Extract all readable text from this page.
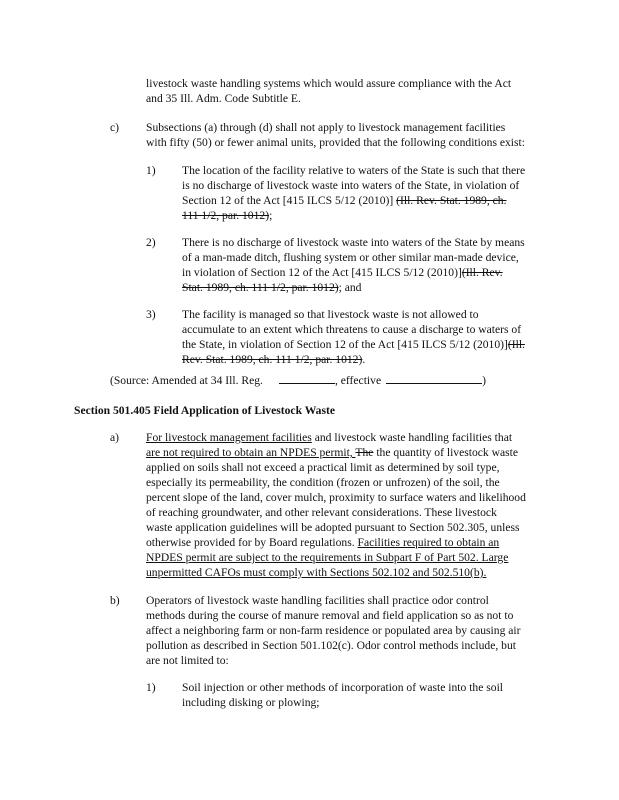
livestock waste handling systems which would assure compliance with the Act
and 35 Ill. Adm. Code Subtitle E.
c) Subsections (a) through (d) shall not apply to livestock management facilities
with fifty (50) or fewer animal units, provided that the following conditions exist:
1) The location of the facility relative to waters of the State is such that there
is no discharge of livestock waste into waters of the State, in violation of
Section 12 of the Act [415 ILCS 5/12 (2010)] (Ill. Rev. Stat. 1989, ch.
111 1/2, par. 1012);
2) There is no discharge of livestock waste into waters of the State by means
of a man-made ditch, flushing system or other similar man-made device,
in violation of Section 12 of the Act [415 ILCS 5/12 (2010)](Ill. Rev.
Stat. 1989, ch. 111 1/2, par. 1012); and
3) The facility is managed so that livestock waste is not allowed to
accumulate to an extent which threatens to cause a discharge to waters of
the State, in violation of Section 12 of the Act [415 ILCS 5/12 (2010)](Ill.
Rev. Stat. 1989, ch. 111 1/2, par. 1012).
(Source: Amended at 34 Ill. Reg.	, effective	)
Section 501.405 Field Application of Livestock Waste
a) For livestock management facilities and livestock waste handling facilities that
are not required to obtain an NPDES permit, The the quantity of livestock waste
applied on soils shall not exceed a practical limit as determined by soil type,
especially its permeability, the condition (frozen or unfrozen) of the soil, the
percent slope of the land, cover mulch, proximity to surface waters and likelihood
of reaching groundwater, and other relevant considerations. These livestock
waste application guidelines will be adopted pursuant to Section 502.305, unless
otherwise provided for by Board regulations. Facilities required to obtain an
NPDES permit are subject to the requirements in Subpart F of Part 502. Large
unpermitted CAFOs must comply with Sections 502.102 and 502.510(b).
b) Operators of livestock waste handling facilities shall practice odor control
methods during the course of manure removal and field application so as not to
affect a neighboring farm or non-farm residence or populated area by causing air
pollution as described in Section 501.102(c). Odor control methods include, but
are not limited to:
1) Soil injection or other methods of incorporation of waste into the soil
including disking or plowing;
